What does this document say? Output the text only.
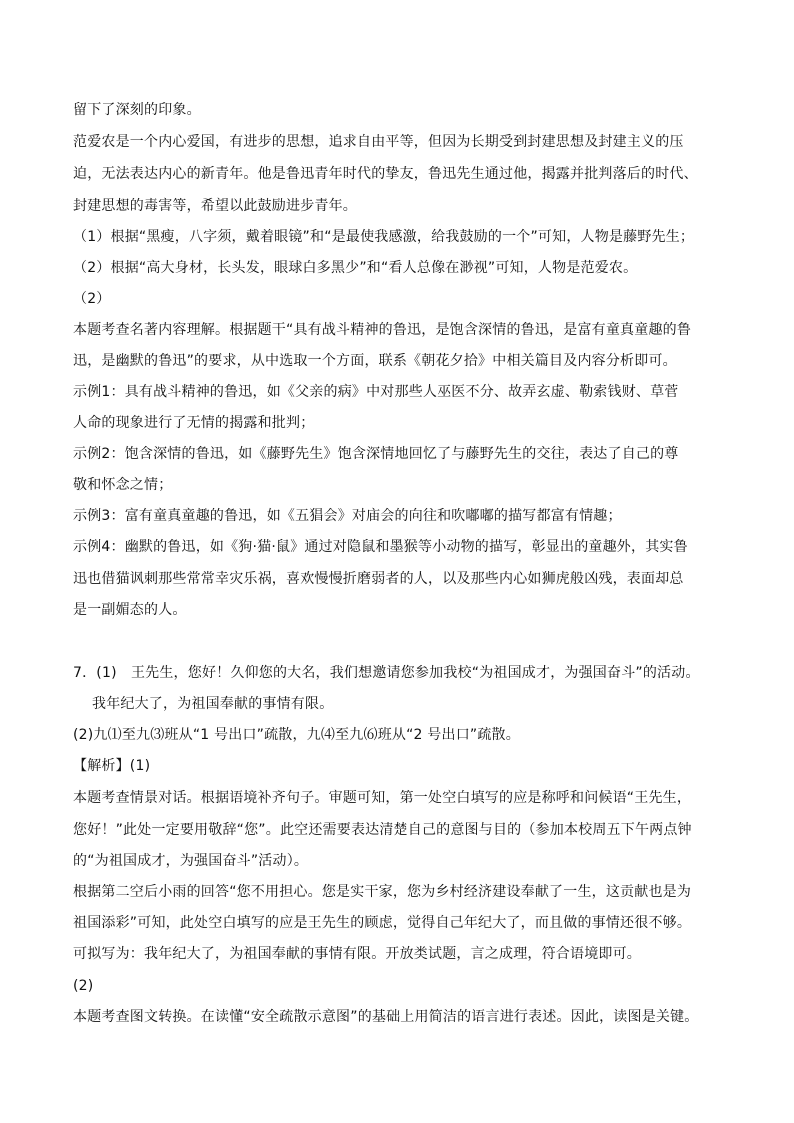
留下了深刻的印象。
范爱农是一个内心爱国，有进步的思想，追求自由平等，但因为长期受到封建思想及封建主义的压
迫，无法表达内心的新青年。他是鲁迅青年时代的挚友，鲁迅先生通过他，揭露并批判落后的时代、
封建思想的毒害等，希望以此鼓励进步青年。
（1）根据“黑瘦，八字须，戴着眼镜”和“是最使我感激，给我鼓励的一个”可知，人物是藤野先生；
（2）根据“高大身材，长头发，眼球白多黑少”和“看人总像在渺视”可知，人物是范爱农。
（2）
本题考查名著内容理解。根据题干“具有战斗精神的鲁迅，是饱含深情的鲁迅，是富有童真童趣的鲁
迅，是幽默的鲁迅”的要求，从中选取一个方面，联系《朝花夕拾》中相关篇目及内容分析即可。
示例1：具有战斗精神的鲁迅，如《父亲的病》中对那些人巫医不分、故弄玄虚、勒索钱财、草菅
人命的现象进行了无情的揭露和批判；
示例2：饱含深情的鲁迅，如《藤野先生》饱含深情地回忆了与藤野先生的交往，表达了自己的尊
敬和怀念之情；
示例3：富有童真童趣的鲁迅，如《五猖会》对庙会的向往和吹嘟嘟的描写都富有情趣；
示例4：幽默的鲁迅，如《狗·猫·鼠》通过对隐鼠和墨猴等小动物的描写，彰显出的童趣外，其实鲁
迅也借猫讽刺那些常常幸灾乐祸，喜欢慢慢折磨弱者的人，以及那些内心如狮虎般凶残，表面却总
是一副媚态的人。
7．(1)　王先生，您好！久仰您的大名，我们想邀请您参加我校“为祖国成才，为强国奋斗”的活动。
我年纪大了，为祖国奉献的事情有限。
(2)九⑴至九⑶班从“1 号出口”疏散，九⑷至九⑹班从“2 号出口”疏散。
【解析】(1)
本题考查情景对话。根据语境补齐句子。审题可知，第一处空白填写的应是称呼和问候语“王先生，
您好！”此处一定要用敬辞“您”。此空还需要表达清楚自己的意图与目的（参加本校周五下午两点钟
的“为祖国成才，为强国奋斗”活动）。
根据第二空后小雨的回答“您不用担心。您是实干家，您为乡村经济建设奉献了一生，这贡献也是为
祖国添彩”可知，此处空白填写的应是王先生的顾虑，觉得自己年纪大了，而且做的事情还很不够。
可拟写为：我年纪大了，为祖国奉献的事情有限。开放类试题，言之成理，符合语境即可。
(2)
本题考查图文转换。在读懂“安全疏散示意图”的基础上用简洁的语言进行表述。因此，读图是关键。
